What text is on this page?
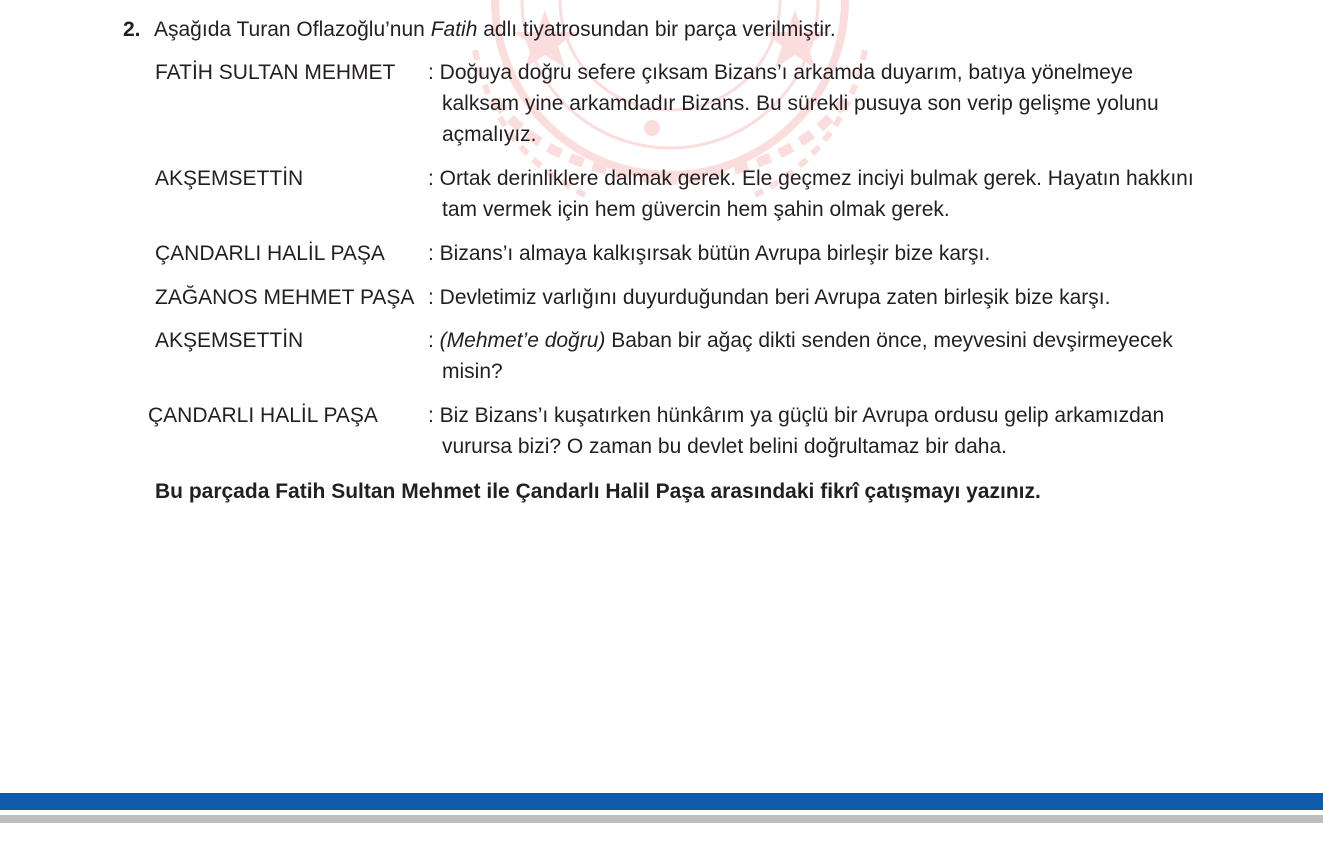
2. Aşağıda Turan Oflazoğlu’nun Fatih adlı tiyatrosundan bir parça verilmiştir.
FATİH SULTAN MEHMET : Doğuya doğru sefere çıksam Bizans’ı arkamda duyarım, batıya yönelmeye kalksam yine arkamdadır Bizans. Bu sürekli pusuya son verip gelişme yolunu açmalıyız.

AKŞEMSETTİN	: Ortak derinliklere dalmak gerek. Ele geçmez inciyi bulmak gerek. Hayatın hakkını tam vermek için hem güvercin hem şahin olmak gerek.

ÇANDARLI HALİL PAŞA : Bizans’ı almaya kalkışırsak bütün Avrupa birleşir bize karşı.

ZAĞANOS MEHMET PAŞA : Devletimiz varlığını duyurduğundan beri Avrupa zaten birleşik bize karşı.

AKŞEMSETTİN	: (Mehmet’e doğru) Baban bir ağaç dikti senden önce, meyvesini devşirmeyecek misin?

ÇANDARLI HALİL PAŞA : Biz Bizans’ı kuşatırken hünkârım ya güçlü bir Avrupa ordusu gelip arkamızdan vurursa bizi? O zaman bu devlet belini doğrultamaz bir daha.

Bu parçada Fatih Sultan Mehmet ile Çandarlı Halil Paşa arasındaki fikrî çatışmayı yazınız.
